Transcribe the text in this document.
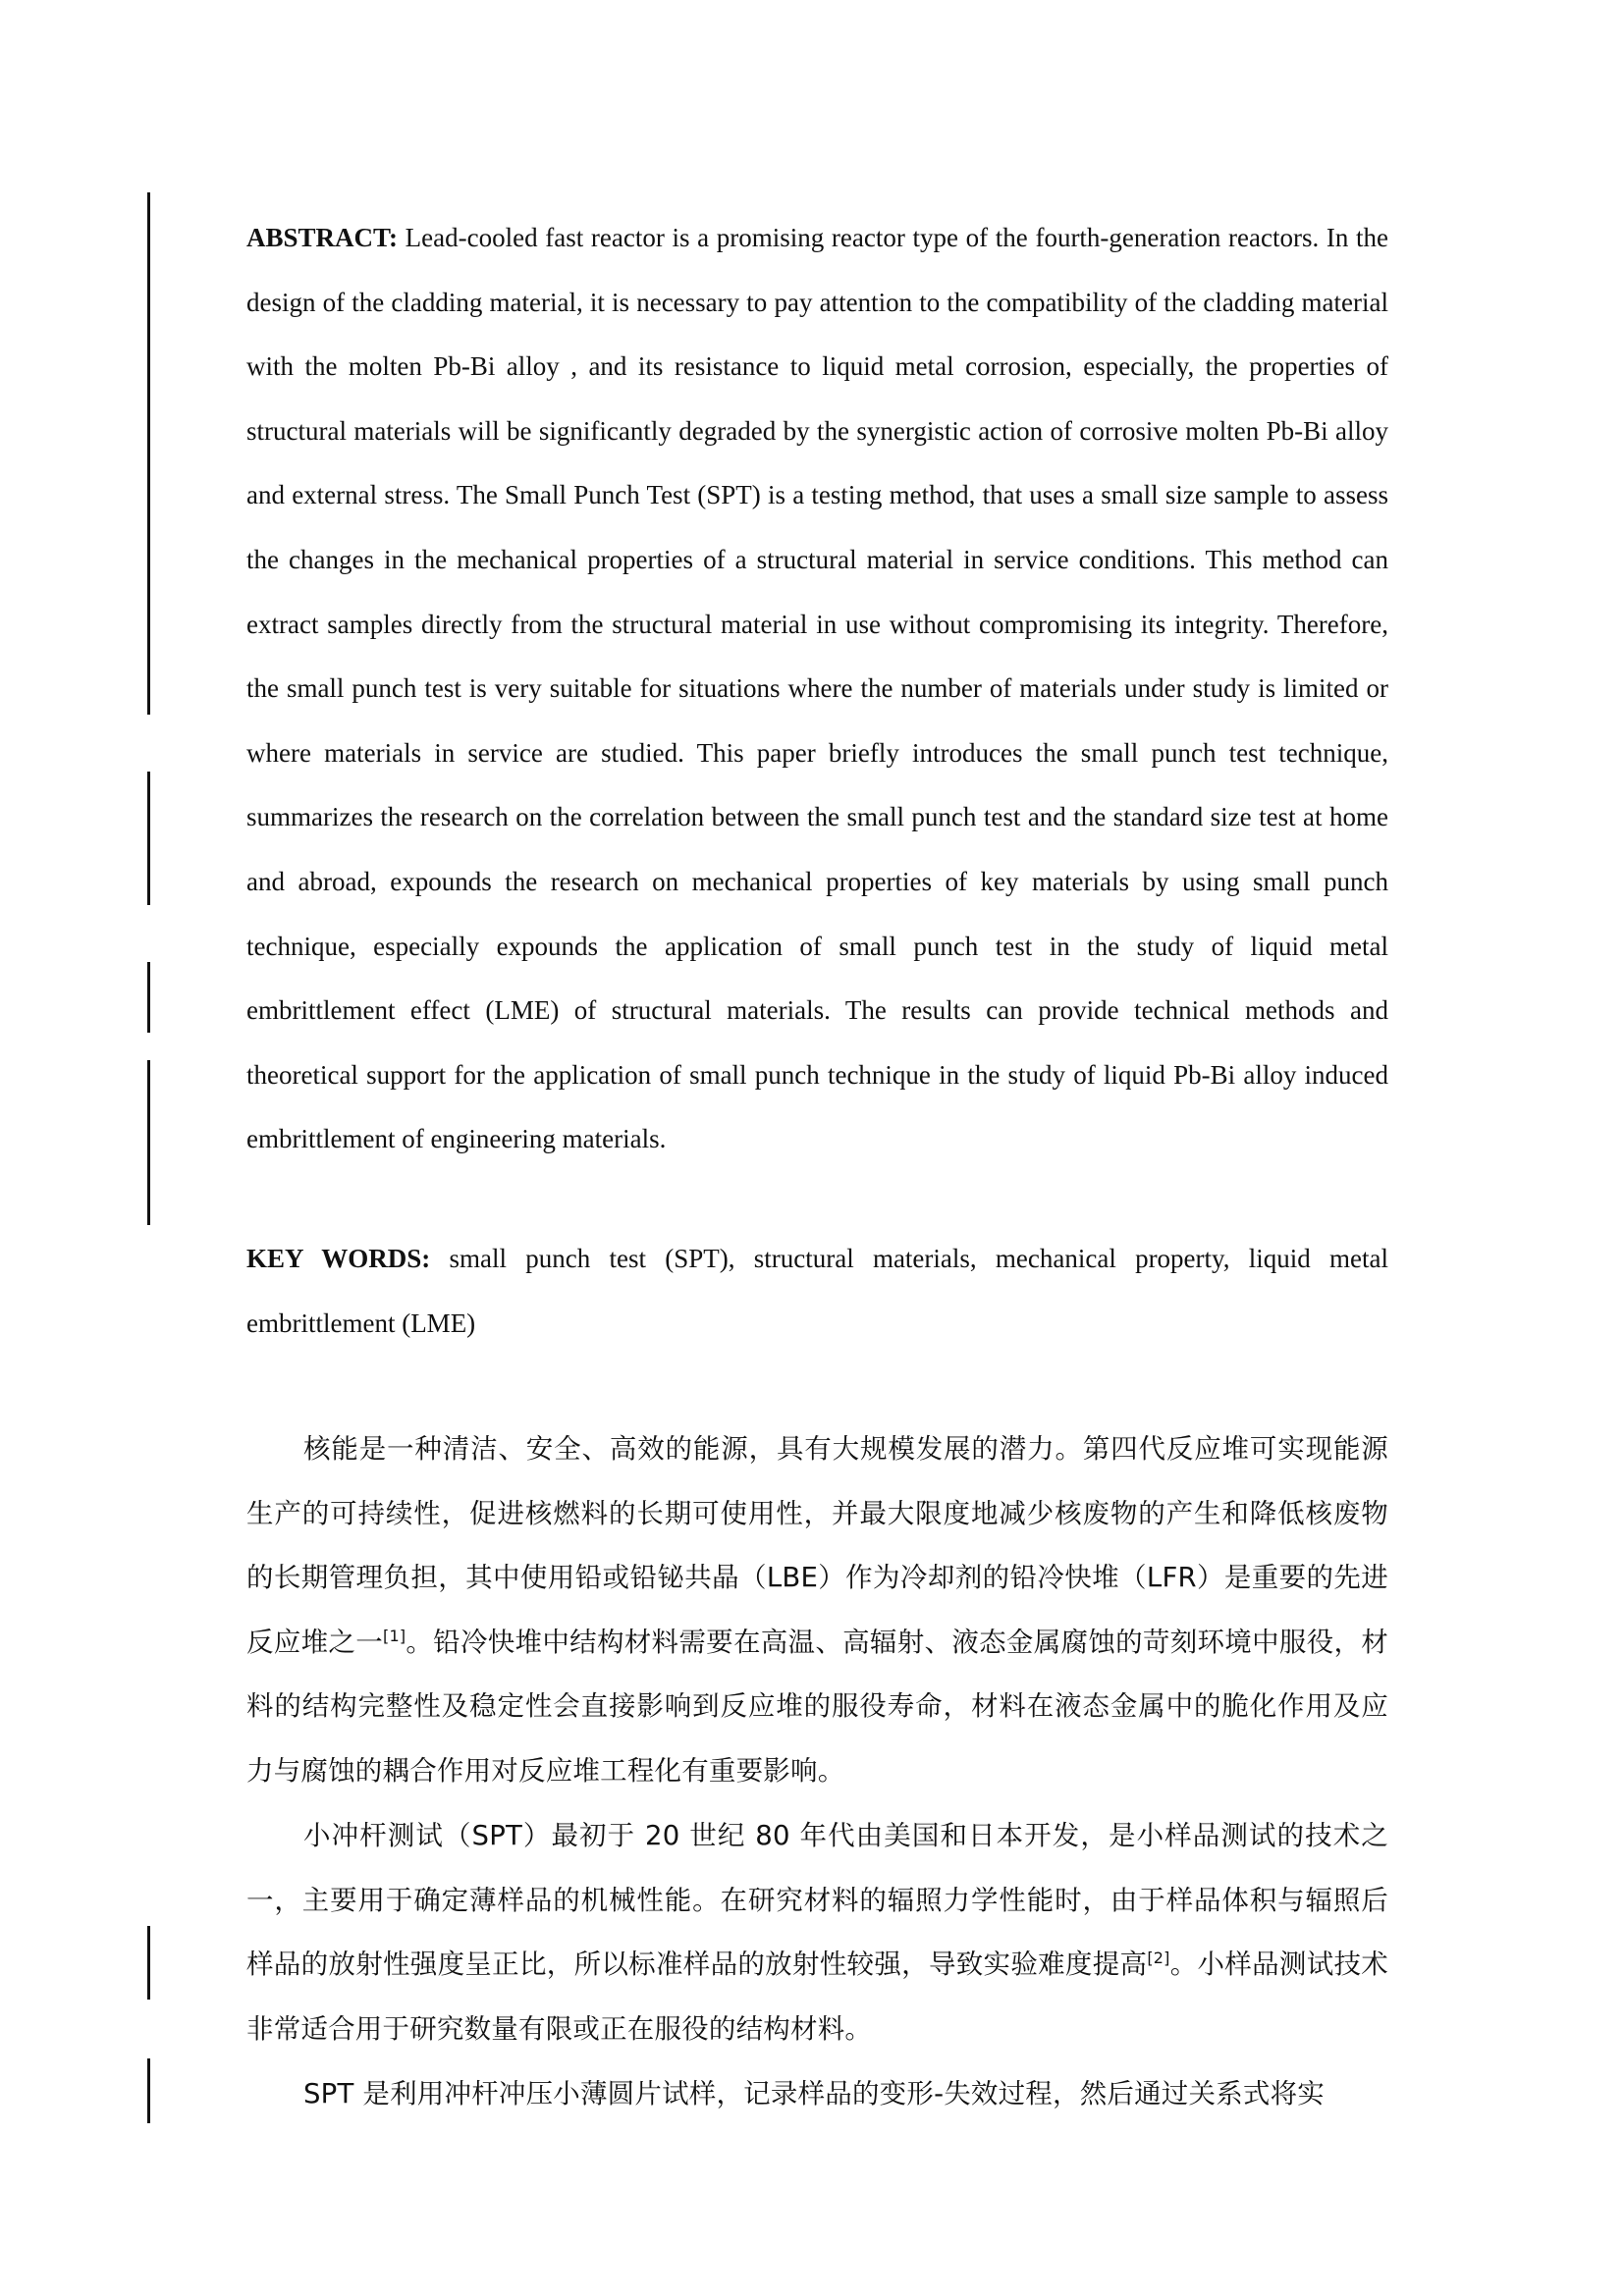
ABSTRACT: Lead-cooled fast reactor is a promising reactor type of the fourth-generation reactors. In the design of the cladding material, it is necessary to pay attention to the compatibility of the cladding material with the molten Pb-Bi alloy , and its resistance to liquid metal corrosion, especially, the properties of structural materials will be significantly degraded by the synergistic action of corrosive molten Pb-Bi alloy and external stress. The Small Punch Test (SPT) is a testing method, that uses a small size sample to assess the changes in the mechanical properties of a structural material in service conditions. This method can extract samples directly from the structural material in use without compromising its integrity. Therefore, the small punch test is very suitable for situations where the number of materials under study is limited or where materials in service are studied. This paper briefly introduces the small punch test technique, summarizes the research on the correlation between the small punch test and the standard size test at home and abroad, expounds the research on mechanical properties of key materials by using small punch technique, especially expounds the application of small punch test in the study of liquid metal embrittlement effect (LME) of structural materials. The results can provide technical methods and theoretical support for the application of small punch technique in the study of liquid Pb-Bi alloy induced embrittlement of engineering materials.

KEY WORDS: small punch test (SPT), structural materials, mechanical property, liquid metal embrittlement (LME)

核能是一种清洁、安全、高效的能源，具有大规模发展的潜力。第四代反应堆可实现能源生产的可持续性，促进核燃料的长期可使用性，并最大限度地减少核废物的产生和降低核废物的长期管理负担，其中使用铅或铅铋共晶（LBE）作为冷却剂的铅冷快堆（LFR）是重要的先进反应堆之一[1]。铅冷快堆中结构材料需要在高温、高辐射、液态金属腐蚀的苛刻环境中服役，材料的结构完整性及稳定性会直接影响到反应堆的服役寿命，材料在液态金属中的脆化作用及应力与腐蚀的耦合作用对反应堆工程化有重要影响。

小冲杆测试（SPT）最初于 20 世纪 80 年代由美国和日本开发，是小样品测试的技术之一，主要用于确定薄样品的机械性能。在研究材料的辐照力学性能时，由于样品体积与辐照后样品的放射性强度呈正比，所以标准样品的放射性较强，导致实验难度提高[2]。小样品测试技术非常适合用于研究数量有限或正在服役的结构材料。

SPT 是利用冲杆冲压小薄圆片试样，记录样品的变形-失效过程，然后通过关系式将实
